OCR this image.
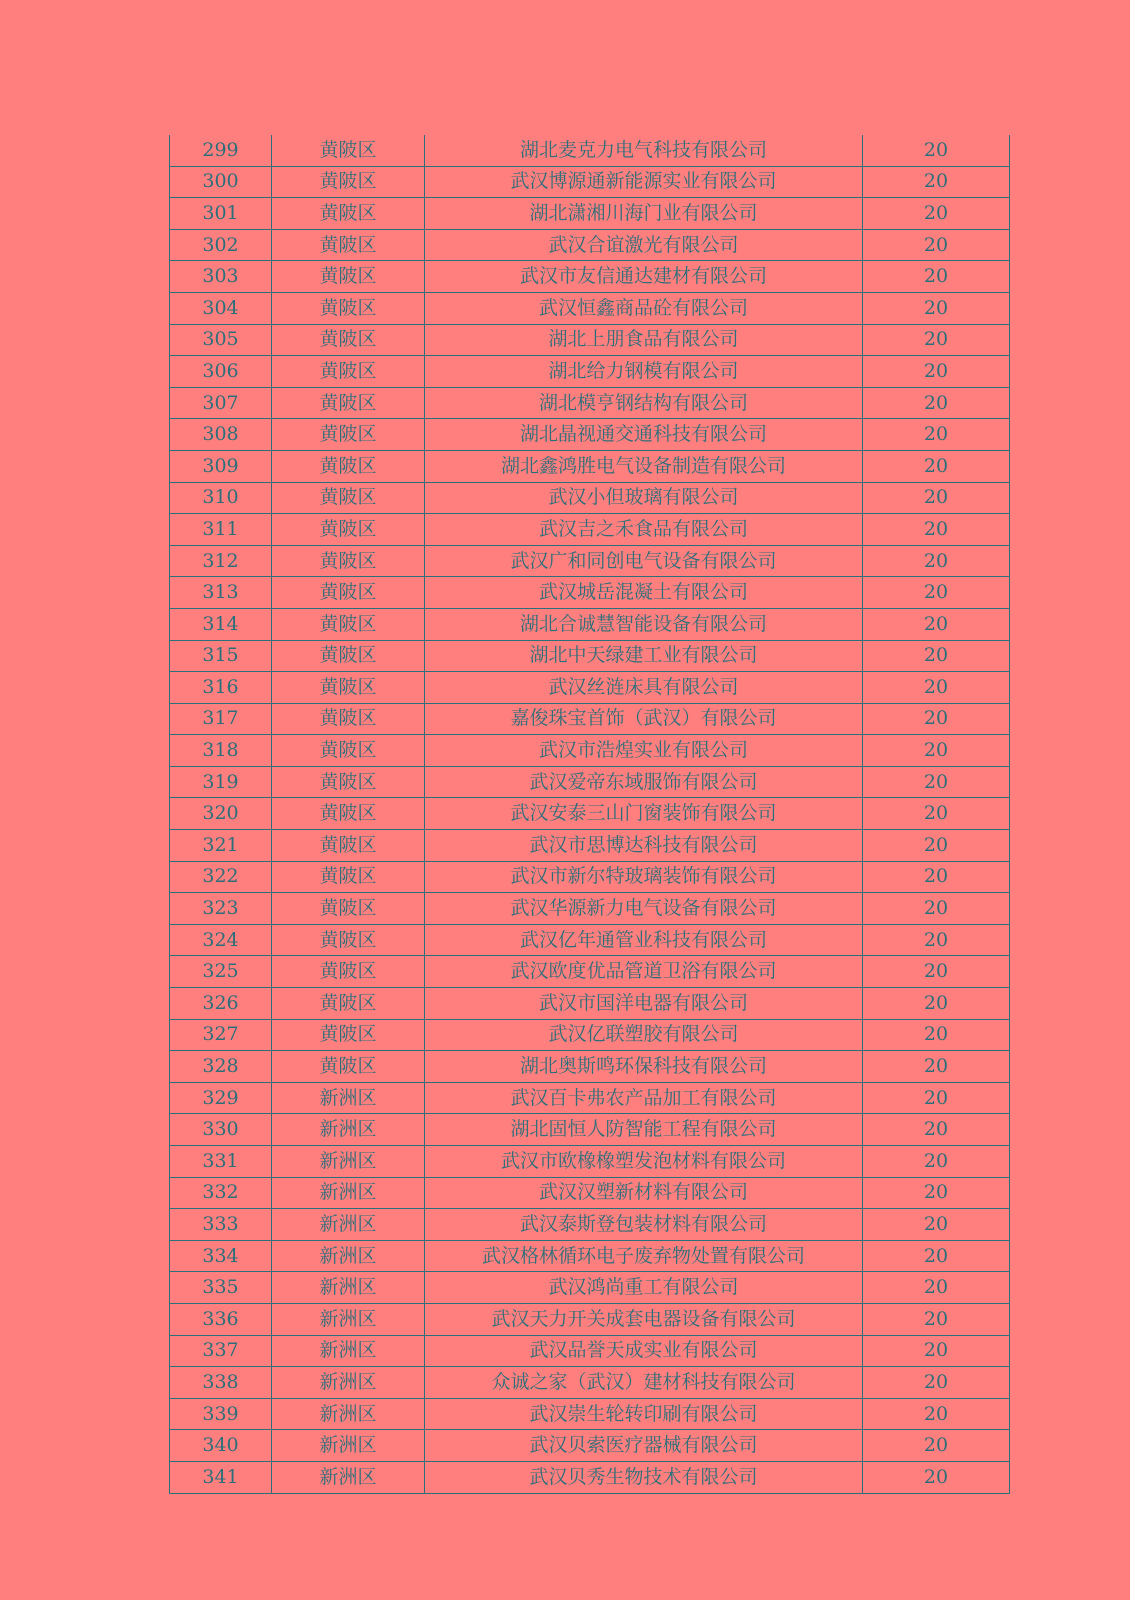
299	黄陂区	湖北麦克力电气科技有限公司	20
300	黄陂区	武汉博源通新能源实业有限公司	20
301	黄陂区	湖北潇湘川海门业有限公司	20
302	黄陂区	武汉合谊激光有限公司	20
303	黄陂区	武汉市友信通达建材有限公司	20
304	黄陂区	武汉恒鑫商品砼有限公司	20
305	黄陂区	湖北上朋食品有限公司	20
306	黄陂区	湖北给力钢模有限公司	20
307	黄陂区	湖北模亨钢结构有限公司	20
308	黄陂区	湖北晶视通交通科技有限公司	20
309	黄陂区	湖北鑫鸿胜电气设备制造有限公司	20
310	黄陂区	武汉小但玻璃有限公司	20
311	黄陂区	武汉吉之禾食品有限公司	20
312	黄陂区	武汉广和同创电气设备有限公司	20
313	黄陂区	武汉城岳混凝土有限公司	20
314	黄陂区	湖北合诚慧智能设备有限公司	20
315	黄陂区	湖北中天绿建工业有限公司	20
316	黄陂区	武汉丝涟床具有限公司	20
317	黄陂区	嘉俊珠宝首饰（武汉）有限公司	20
318	黄陂区	武汉市浩煌实业有限公司	20
319	黄陂区	武汉爱帝东域服饰有限公司	20
320	黄陂区	武汉安泰三山门窗装饰有限公司	20
321	黄陂区	武汉市思博达科技有限公司	20
322	黄陂区	武汉市新尔特玻璃装饰有限公司	20
323	黄陂区	武汉华源新力电气设备有限公司	20
324	黄陂区	武汉亿年通管业科技有限公司	20
325	黄陂区	武汉欧度优品管道卫浴有限公司	20
326	黄陂区	武汉市国洋电器有限公司	20
327	黄陂区	武汉亿联塑胶有限公司	20
328	黄陂区	湖北奥斯鸣环保科技有限公司	20
329	新洲区	武汉百卡弗农产品加工有限公司	20
330	新洲区	湖北固恒人防智能工程有限公司	20
331	新洲区	武汉市欧橡橡塑发泡材料有限公司	20
332	新洲区	武汉汉塑新材料有限公司	20
333	新洲区	武汉泰斯登包装材料有限公司	20
334	新洲区	武汉格林循环电子废弃物处置有限公司	20
335	新洲区	武汉鸿尚重工有限公司	20
336	新洲区	武汉天力开关成套电器设备有限公司	20
337	新洲区	武汉品誉天成实业有限公司	20
338	新洲区	众诚之家（武汉）建材科技有限公司	20
339	新洲区	武汉崇生轮转印刷有限公司	20
340	新洲区	武汉贝索医疗器械有限公司	20
341	新洲区	武汉贝秀生物技术有限公司	20
